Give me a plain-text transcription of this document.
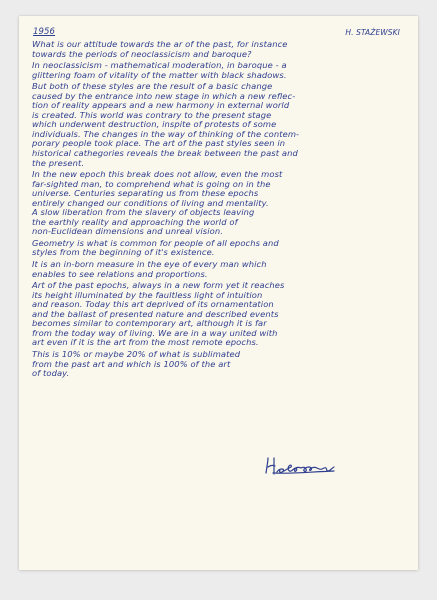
1956	H. STAŻEWSKI
What is our attitude towards the ar of the past, for instance
towards the periods of neoclassicism and baroque?
In neoclassicism - mathematical moderation, in baroque - a
glittering foam of vitality of the matter with black shadows.
But both of these styles are the result of a basic change
caused by the entrance into new stage in which a new reflec-
tion of reality appears and a new harmony in external world
is created. This world was contrary to the present stage
which underwent destruction, inspite of protests of some
individuals. The changes in the way of thinking of the contem-
porary people took place. The art of the past styles seen in
historical cathegories reveals the break between the past and
the present.
In the new epoch this break does not allow, even the most
far-sighted man, to comprehend what is going on in the
universe. Centuries separating us from these epochs
entirely changed our conditions of living and mentality.
A slow liberation from the slavery of objects leaving
the earthly reality and approaching the world of
non-Euclidean dimensions and unreal vision.
Geometry is what is common for people of all epochs and
styles from the beginning of it's existence.
It is an in-born measure in the eye of every man which
enables to see relations and proportions.
Art of the past epochs, always in a new form yet it reaches
its height illuminated by the faultless light of intuition
and reason. Today this art deprived of its ornamentation
and the ballast of presented nature and described events
becomes similar to contemporary art, although it is far
from the today way of living. We are in a way united with
art even if it is the art from the most remote epochs.
This is 10% or maybe 20% of what is sublimated
from the past art and which is 100% of the art
of today.
